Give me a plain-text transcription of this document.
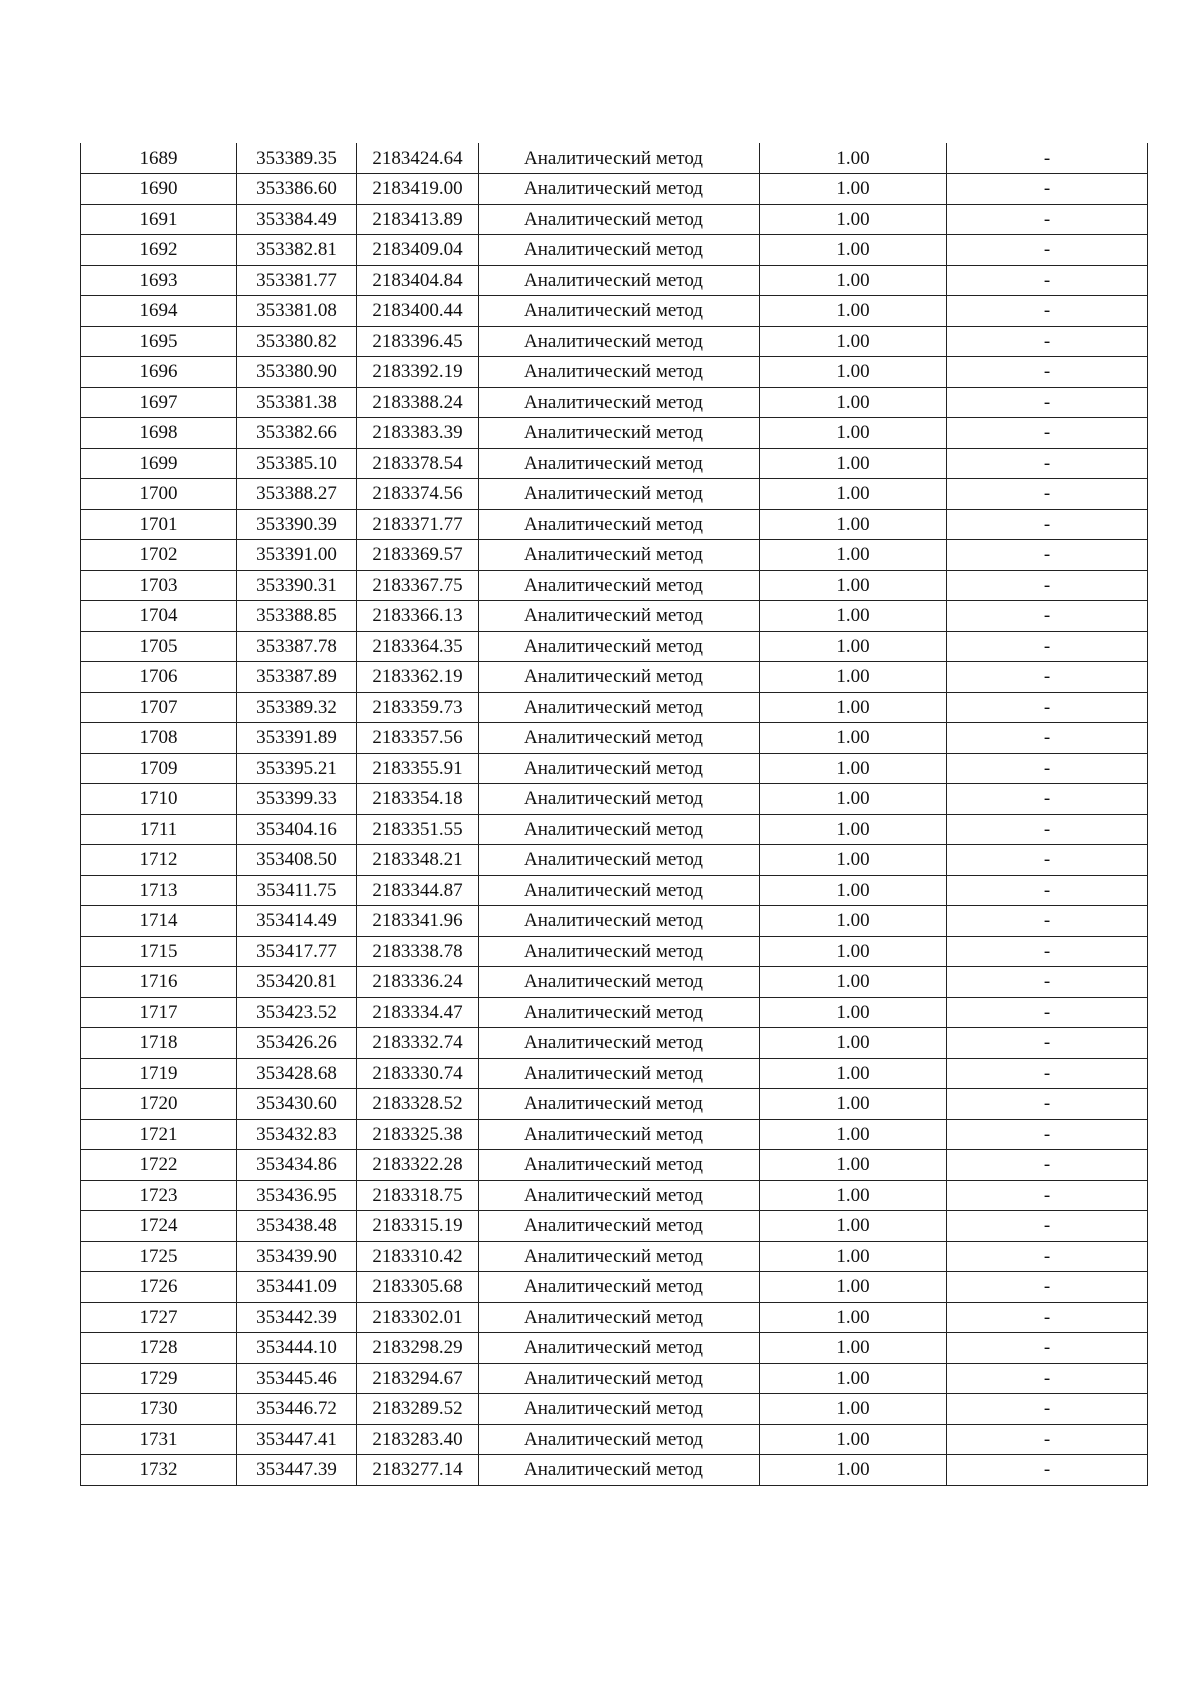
1689	353389.35	2183424.64	Аналитический метод	1.00	-
1690	353386.60	2183419.00	Аналитический метод	1.00	-
1691	353384.49	2183413.89	Аналитический метод	1.00	-
1692	353382.81	2183409.04	Аналитический метод	1.00	-
1693	353381.77	2183404.84	Аналитический метод	1.00	-
1694	353381.08	2183400.44	Аналитический метод	1.00	-
1695	353380.82	2183396.45	Аналитический метод	1.00	-
1696	353380.90	2183392.19	Аналитический метод	1.00	-
1697	353381.38	2183388.24	Аналитический метод	1.00	-
1698	353382.66	2183383.39	Аналитический метод	1.00	-
1699	353385.10	2183378.54	Аналитический метод	1.00	-
1700	353388.27	2183374.56	Аналитический метод	1.00	-
1701	353390.39	2183371.77	Аналитический метод	1.00	-
1702	353391.00	2183369.57	Аналитический метод	1.00	-
1703	353390.31	2183367.75	Аналитический метод	1.00	-
1704	353388.85	2183366.13	Аналитический метод	1.00	-
1705	353387.78	2183364.35	Аналитический метод	1.00	-
1706	353387.89	2183362.19	Аналитический метод	1.00	-
1707	353389.32	2183359.73	Аналитический метод	1.00	-
1708	353391.89	2183357.56	Аналитический метод	1.00	-
1709	353395.21	2183355.91	Аналитический метод	1.00	-
1710	353399.33	2183354.18	Аналитический метод	1.00	-
1711	353404.16	2183351.55	Аналитический метод	1.00	-
1712	353408.50	2183348.21	Аналитический метод	1.00	-
1713	353411.75	2183344.87	Аналитический метод	1.00	-
1714	353414.49	2183341.96	Аналитический метод	1.00	-
1715	353417.77	2183338.78	Аналитический метод	1.00	-
1716	353420.81	2183336.24	Аналитический метод	1.00	-
1717	353423.52	2183334.47	Аналитический метод	1.00	-
1718	353426.26	2183332.74	Аналитический метод	1.00	-
1719	353428.68	2183330.74	Аналитический метод	1.00	-
1720	353430.60	2183328.52	Аналитический метод	1.00	-
1721	353432.83	2183325.38	Аналитический метод	1.00	-
1722	353434.86	2183322.28	Аналитический метод	1.00	-
1723	353436.95	2183318.75	Аналитический метод	1.00	-
1724	353438.48	2183315.19	Аналитический метод	1.00	-
1725	353439.90	2183310.42	Аналитический метод	1.00	-
1726	353441.09	2183305.68	Аналитический метод	1.00	-
1727	353442.39	2183302.01	Аналитический метод	1.00	-
1728	353444.10	2183298.29	Аналитический метод	1.00	-
1729	353445.46	2183294.67	Аналитический метод	1.00	-
1730	353446.72	2183289.52	Аналитический метод	1.00	-
1731	353447.41	2183283.40	Аналитический метод	1.00	-
1732	353447.39	2183277.14	Аналитический метод	1.00	-
